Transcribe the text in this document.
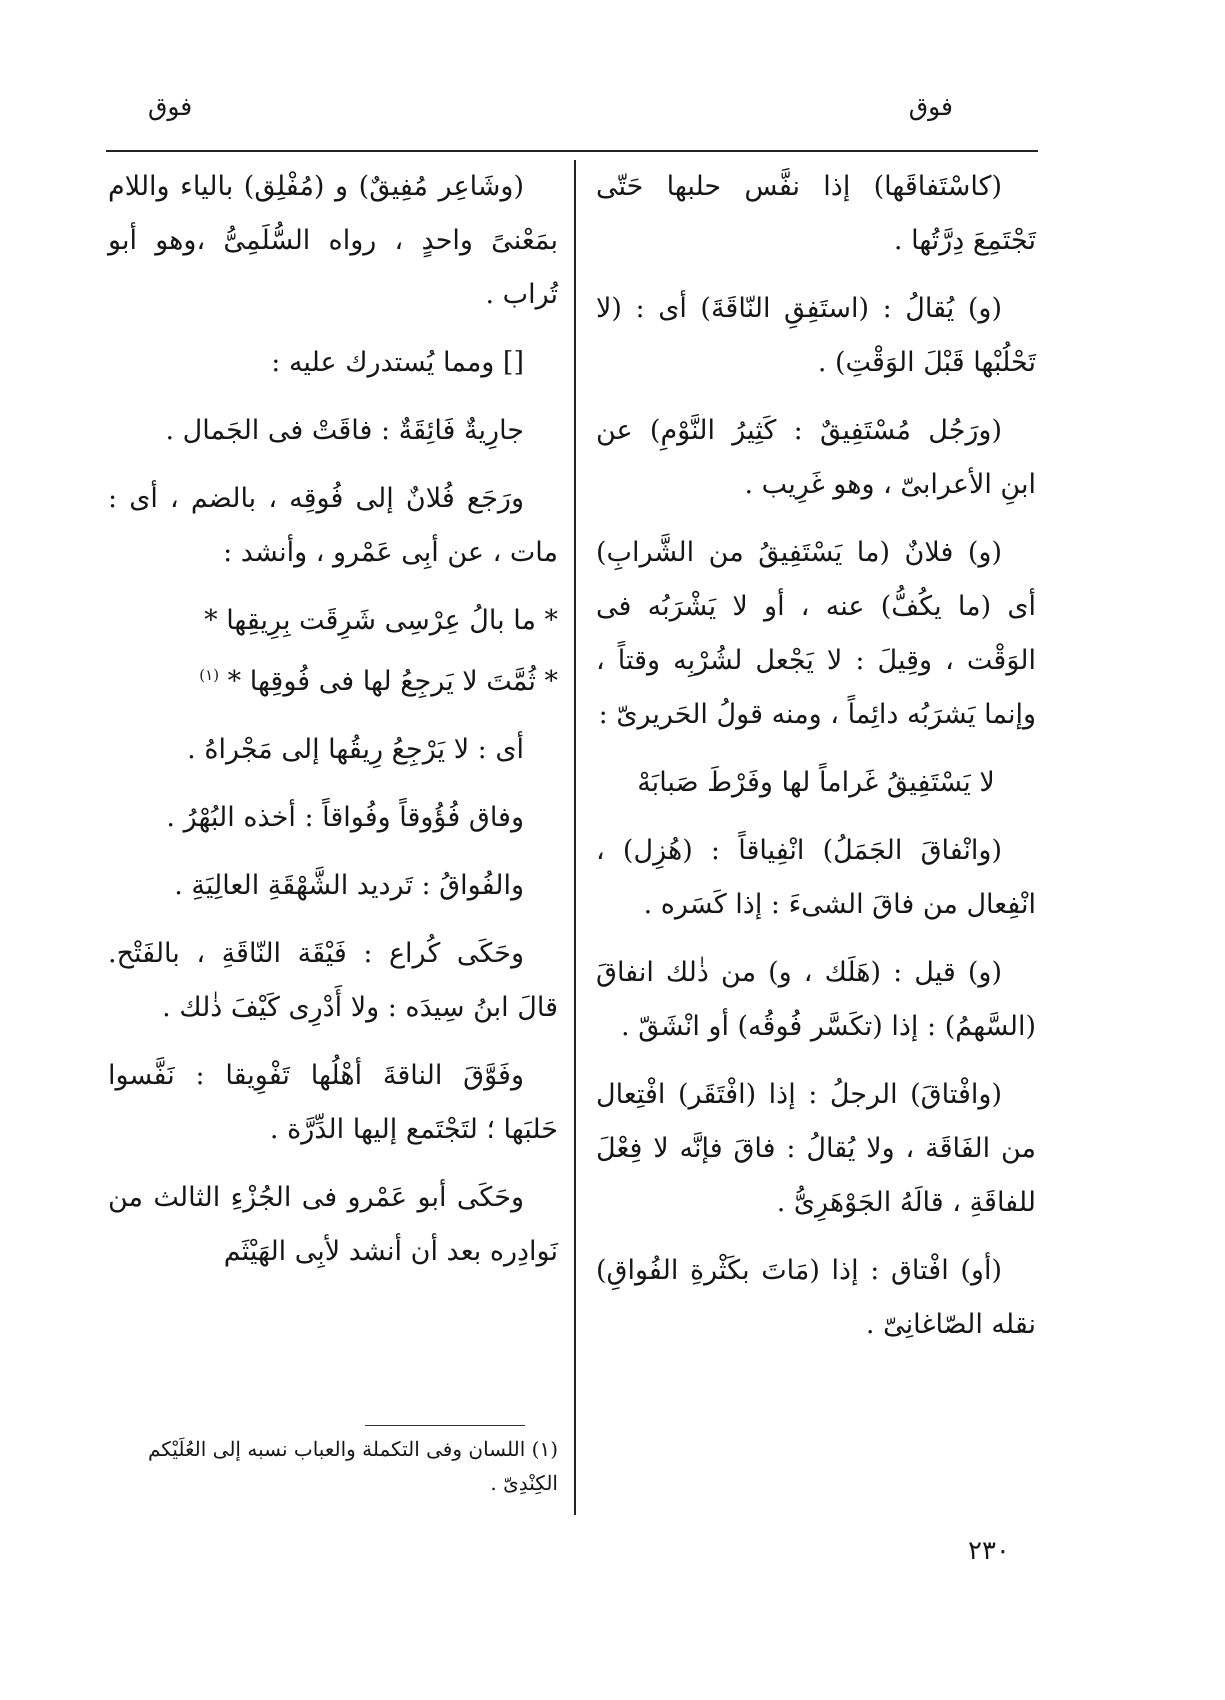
فوق
فوق

(كاسْتَفاقَها) إذا نفَّس حلبها حَتّى تَجْتَمِعَ دِرَّتُها .

(و) يُقالُ : (استَفِقِ النّاقَةَ) أى : (لا تَحْلُبْها قَبْلَ الوَقْتِ) .

(ورَجُل مُسْتَفِيقٌ : كَثِيرُ النَّوْمِ) عن ابنِ الأعرابىّ ، وهو غَرِيب .

(و) فلانٌ (ما يَسْتَفِيقُ من الشَّرابِ) أى (ما يكُفُّ) عنه ، أو لا يَشْرَبُه فى الوَقْت ، وقِيلَ : لا يَجْعل لشُرْبِه وقتاً ، وإنما يَشرَبُه دائِماً ، ومنه قولُ الحَريرىّ :

لا يَسْتَفِيقُ غَراماً لها وفَرْطَ صَبابَهْ

(وانْفاقَ الجَمَلُ) انْفِياقاً : (هُزِل) ، انْفِعال من فاقَ الشىءَ : إذا كَسَره .

(و) قيل : (هَلَك ، و) من ذٰلك انفاقَ (السَّهمُ) : إذا (تكَسَّر فُوقُه) أو انْشَقّ .

(وافْتاقَ) الرجلُ : إذا (افْتَقَر) افْتِعال من الفَاقَة ، ولا يُقالُ : فاقَ فإنَّه لا فِعْلَ للفاقَةِ ، قالَهُ الجَوْهَرِىُّ .

(أو) افْتاق : إذا (مَاتَ بكَثْرةِ الفُواقِ) نقله الصّاغانِىّ .

(وشَاعِر مُفِيقٌ) و (مُفْلِق) بالياء واللام بمَعْنىً واحدٍ ، رواه السُّلَمِىُّ ،وهو أبو تُراب .

[] ومما يُستدرك عليه :

جارِيةٌ فَائِقَةٌ : فاقَتْ فى الجَمال .

ورَجَع فُلانٌ إلى فُوقِه ، بالضم ، أى : مات ، عن أبِى عَمْرو ، وأنشد :

* ما بالُ عِرْسِى شَرِقَت بِرِيقِها *

* ثُمَّتَ لا يَرجِعُ لها فى فُوقِها * $^{(١)}$

أى : لا يَرْجِعُ رِيقُها إلى مَجْراهُ .

وفاق فُؤُوقاً وفُواقاً : أخذه البُهْرُ .

والفُواقُ : تَرديد الشَّهْقَةِ العالِيَةِ .

وحَكَى كُراع : فَيْقَة النّاقَةِ ، بالفَتْح. قالَ ابنُ سِيدَه : ولا أَدْرِى كَيْفَ ذٰلك .

وفَوَّقَ الناقةَ أهْلُها تَفْوِيقا : نَفَّسوا حَلبَها ؛ لتَجْتَمع إليها الدِّرَّة .

وحَكَى أبو عَمْرو فى الجُزْءِ الثالث من نَوادِره بعد أن أنشد لأبِى الهَيْثَم

(١) اللسان وفى التكملة والعباب نسبه إلى العُلَيْكم الكِنْدِىّ .
٢٣٠
